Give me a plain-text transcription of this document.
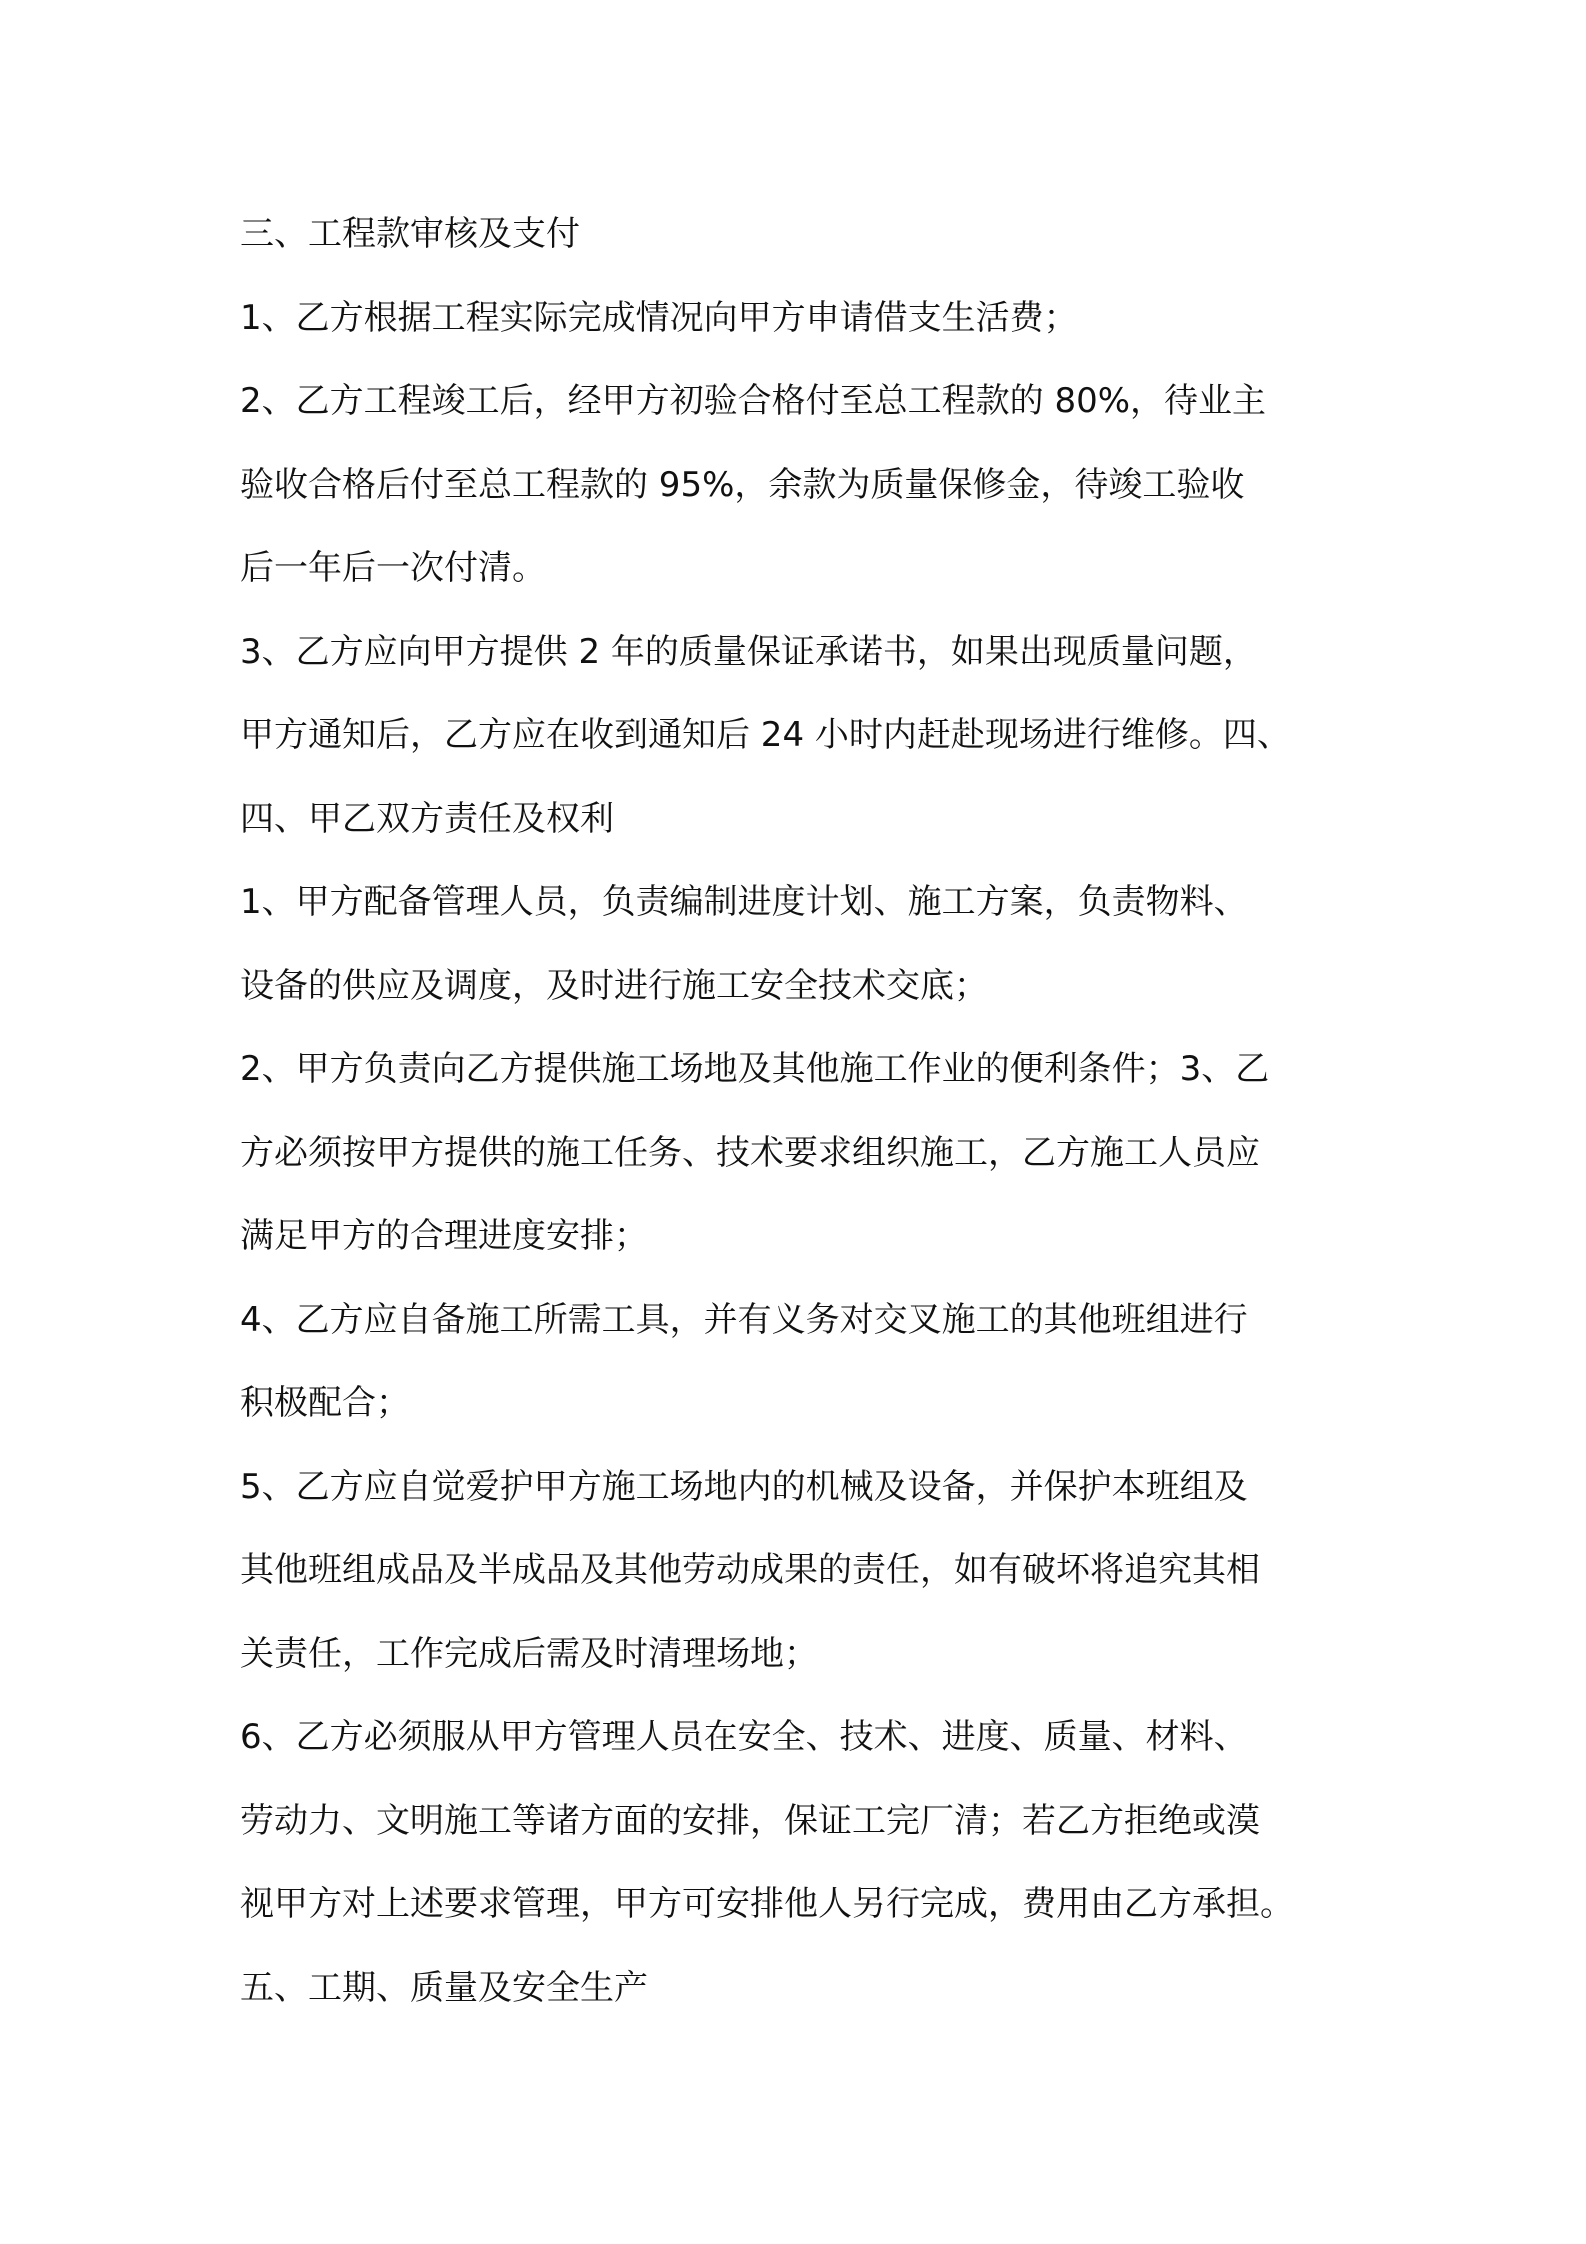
三、工程款审核及支付
1、乙方根据工程实际完成情况向甲方申请借支生活费；
2、乙方工程竣工后，经甲方初验合格付至总工程款的 80%，待业主
验收合格后付至总工程款的 95%，余款为质量保修金，待竣工验收
后一年后一次付清。
3、乙方应向甲方提供 2 年的质量保证承诺书，如果出现质量问题，
甲方通知后，乙方应在收到通知后 24 小时内赶赴现场进行维修。四、
四、甲乙双方责任及权利
1、甲方配备管理人员，负责编制进度计划、施工方案，负责物料、
设备的供应及调度，及时进行施工安全技术交底；
2、甲方负责向乙方提供施工场地及其他施工作业的便利条件；3、乙
方必须按甲方提供的施工任务、技术要求组织施工，乙方施工人员应
满足甲方的合理进度安排；
4、乙方应自备施工所需工具，并有义务对交叉施工的其他班组进行
积极配合；
5、乙方应自觉爱护甲方施工场地内的机械及设备，并保护本班组及
其他班组成品及半成品及其他劳动成果的责任，如有破坏将追究其相
关责任，工作完成后需及时清理场地；
6、乙方必须服从甲方管理人员在安全、技术、进度、质量、材料、
劳动力、文明施工等诸方面的安排，保证工完厂清；若乙方拒绝或漠
视甲方对上述要求管理，甲方可安排他人另行完成，费用由乙方承担。
五、工期、质量及安全生产
